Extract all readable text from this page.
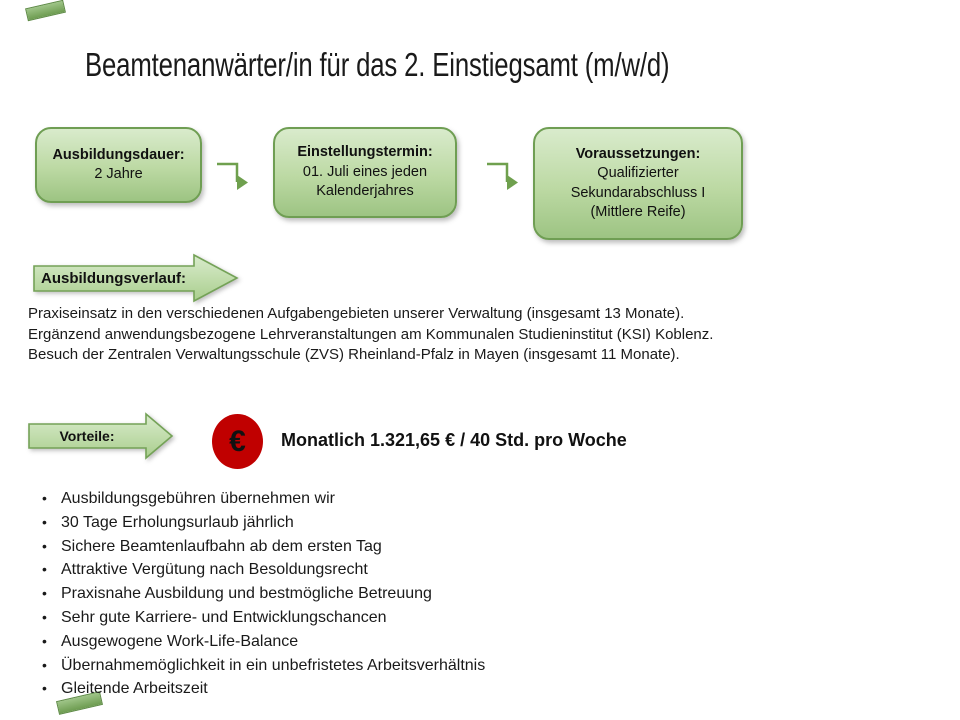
Beamtenanwärter/in für das 2. Einstiegsamt (m/w/d)
Ausbildungsdauer:
2 Jahre
Einstellungstermin:
01. Juli eines jeden
Kalenderjahres
Voraussetzungen:
Qualifizierter
Sekundarabschluss I
(Mittlere Reife)
Ausbildungsverlauf:
Praxiseinsatz in den verschiedenen Aufgabengebieten unserer Verwaltung (insgesamt 13 Monate).
Ergänzend anwendungsbezogene Lehrveranstaltungen am Kommunalen Studieninstitut (KSI) Koblenz.
Besuch der Zentralen Verwaltungsschule (ZVS) Rheinland-Pfalz in Mayen (insgesamt 11 Monate).
Vorteile:	€ Monatlich 1.321,65 € / 40 Std. pro Woche
• Ausbildungsgebühren übernehmen wir
• 30 Tage Erholungsurlaub jährlich
• Sichere Beamtenlaufbahn ab dem ersten Tag
• Attraktive Vergütung nach Besoldungsrecht
• Praxisnahe Ausbildung und bestmögliche Betreuung
• Sehr gute Karriere- und Entwicklungschancen
• Ausgewogene Work-Life-Balance
• Übernahmemöglichkeit in ein unbefristetes Arbeitsverhältnis
• Gleitende Arbeitszeit
